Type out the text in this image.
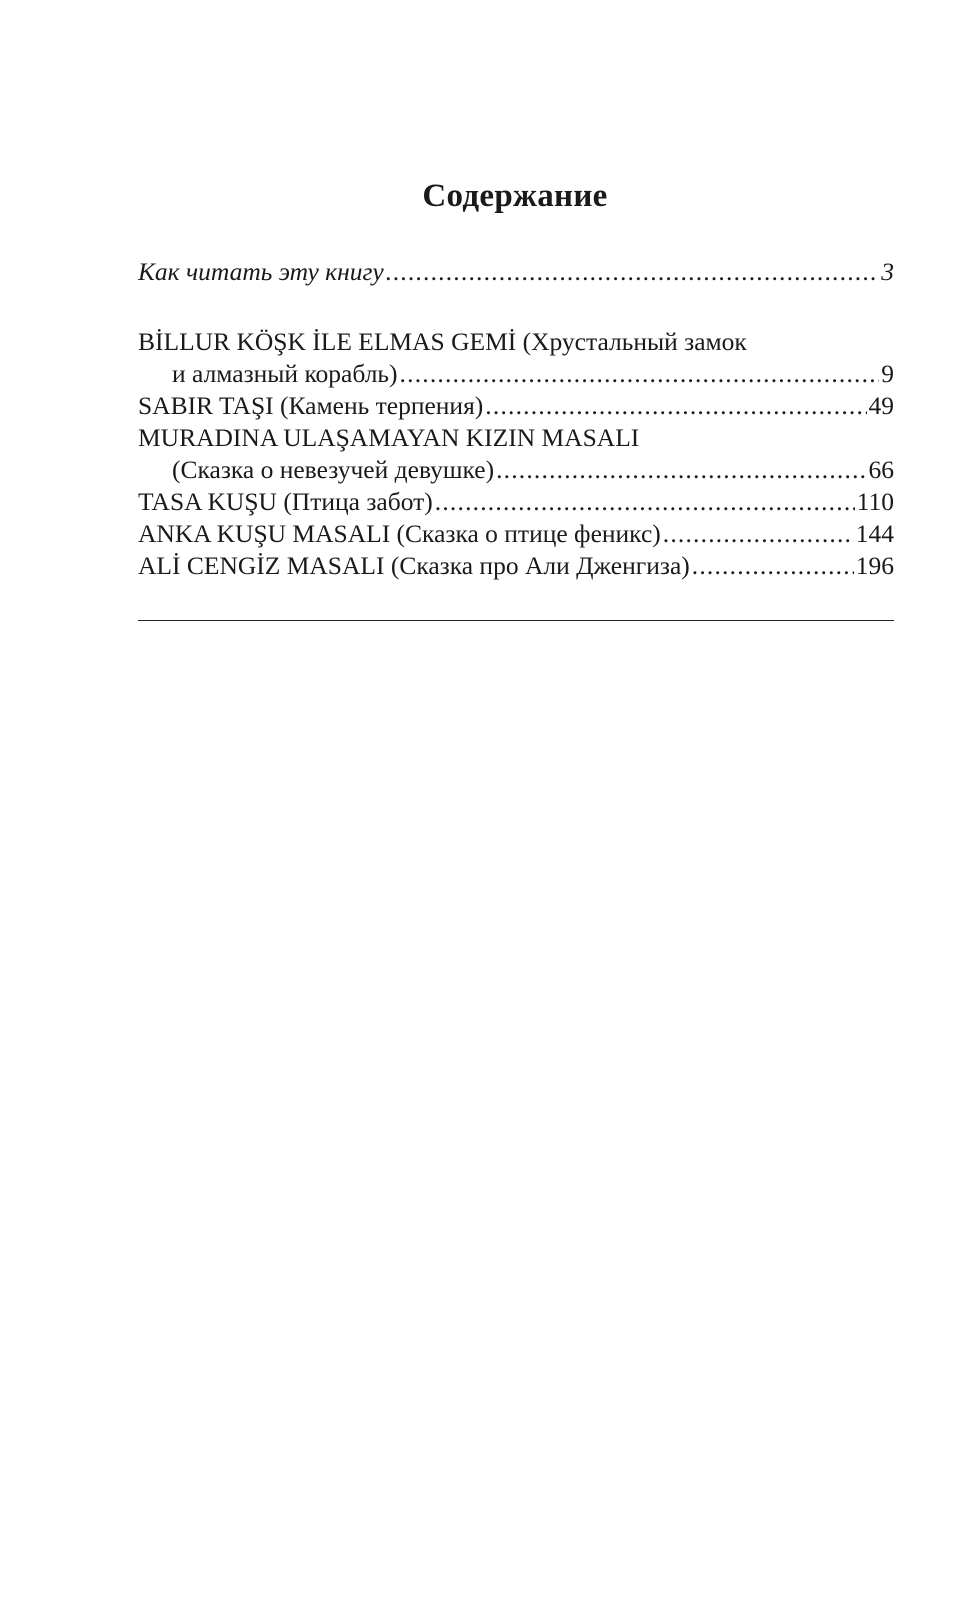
Содержание
Как читать эту книгу .....	3
BİLLUR KÖŞK İLE ELMAS GEMİ (Хрустальный замок
и алмазный корабль) .....	9
SABIR TAŞI (Камень терпения) .....	49
MURADINA ULAŞAMAYAN KIZIN MASALI
(Сказка о невезучей девушке) .....	66
TASA KUŞU (Птица забот) .....	110
ANKA KUŞU MASALI (Сказка о птице феникс) .....	144
ALİ CENGİZ MASALI (Сказка про Али Дженгиза) .....	196
